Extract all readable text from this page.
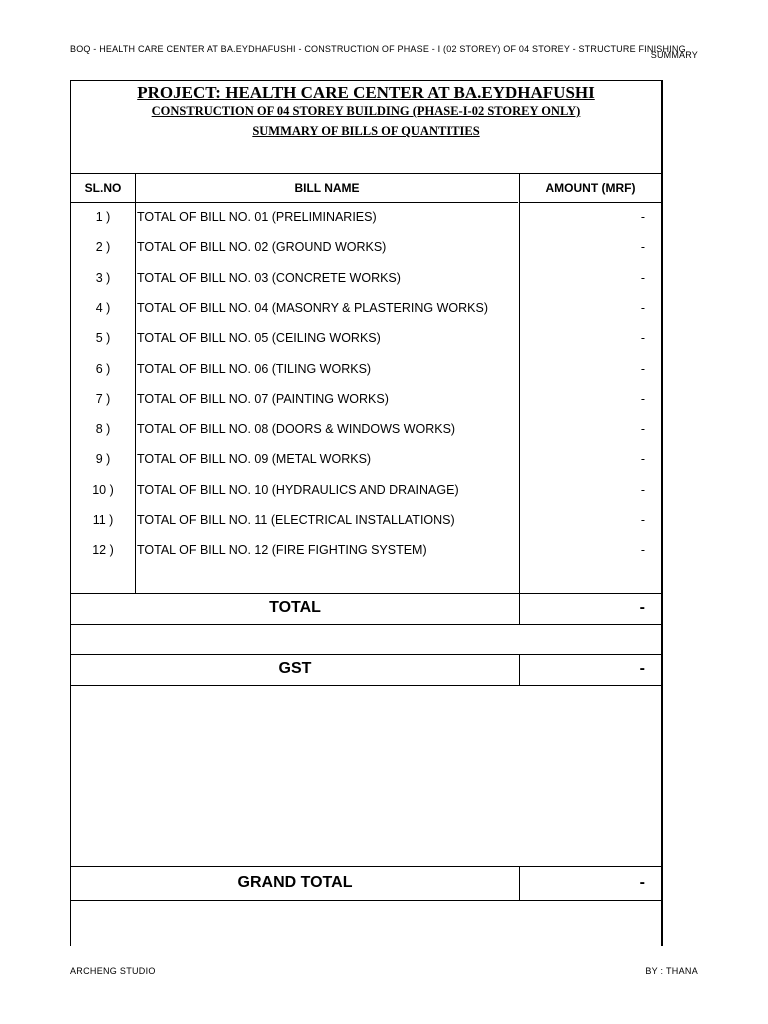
BOQ - HEALTH CARE CENTER AT BA.EYDHAFUSHI - CONSTRUCTION OF PHASE - I (02 STOREY) OF 04 STOREY - STRUCTURE FINISHING
SUMMARY
PROJECT: HEALTH CARE CENTER AT BA.EYDHAFUSHI
CONSTRUCTION OF 04 STOREY BUILDING (PHASE-I-02 STOREY ONLY)
SUMMARY OF BILLS OF QUANTITIES
SL.NO	BILL NAME	AMOUNT (MRF)
1 )	TOTAL OF BILL NO. 01 (PRELIMINARIES)	-
2 )	TOTAL OF BILL NO. 02 (GROUND WORKS)	-
3 )	TOTAL OF BILL NO. 03 (CONCRETE WORKS)	-
4 )	TOTAL OF BILL NO. 04 (MASONRY & PLASTERING WORKS)	-
5 )	TOTAL OF BILL NO. 05 (CEILING WORKS)	-
6 )	TOTAL OF BILL NO. 06 (TILING WORKS)	-
7 )	TOTAL OF BILL NO. 07 (PAINTING WORKS)	-
8 )	TOTAL OF BILL NO. 08 (DOORS & WINDOWS WORKS)	-
9 )	TOTAL OF BILL NO. 09 (METAL WORKS)	-
10 )	TOTAL OF BILL NO. 10 (HYDRAULICS AND DRAINAGE)	-
11 )	TOTAL OF BILL NO. 11 (ELECTRICAL INSTALLATIONS)	-
12 )	TOTAL OF BILL NO. 12 (FIRE FIGHTING SYSTEM)	-
TOTAL	-
GST	-
GRAND TOTAL	-
ARCHENG STUDIO	BY : THANA
